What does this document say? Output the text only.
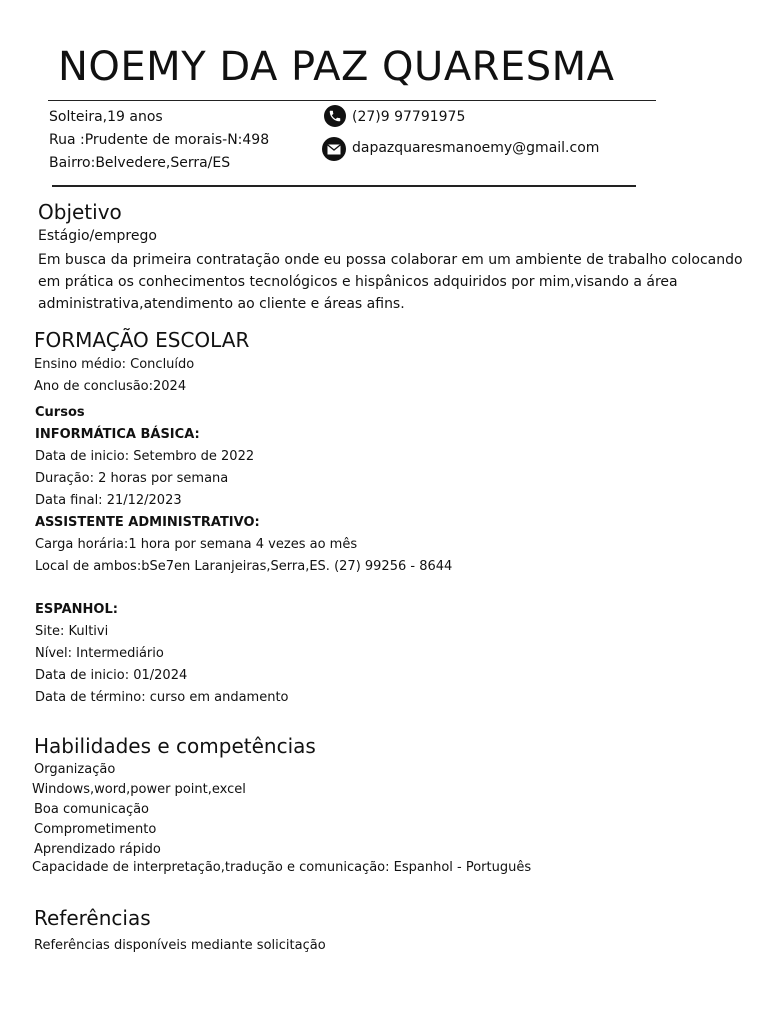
NOEMY DA PAZ QUARESMA
Solteira,19 anos
Rua :Prudente de morais-N:498
Bairro:Belvedere,Serra/ES
(27)9 97791975
dapazquaresmanoemy@gmail.com
Objetivo
Estágio/emprego
Em busca da primeira contratação onde eu possa colaborar em um ambiente de trabalho colocando em prática os conhecimentos tecnológicos e hispânicos adquiridos por mim,visando a área administrativa,atendimento ao cliente e áreas afins.
FORMAÇÃO ESCOLAR
Ensino médio: Concluído
Ano de conclusão:2024
Cursos
INFORMÁTICA BÁSICA:
Data de inicio: Setembro de 2022
Duração: 2 horas por semana
Data final: 21/12/2023
ASSISTENTE ADMINISTRATIVO:
Carga horária:1 hora por semana 4 vezes ao mês
Local de ambos:bSe7en Laranjeiras,Serra,ES. (27) 99256 - 8644
ESPANHOL:
Site: Kultivi
Nível: Intermediário
Data de inicio: 01/2024
Data de término: curso em andamento
Habilidades e competências
Organização
Windows,word,power point,excel
Boa comunicação
Comprometimento
Aprendizado rápido
Capacidade de interpretação,tradução e comunicação: Espanhol - Português
Referências
Referências disponíveis mediante solicitação
